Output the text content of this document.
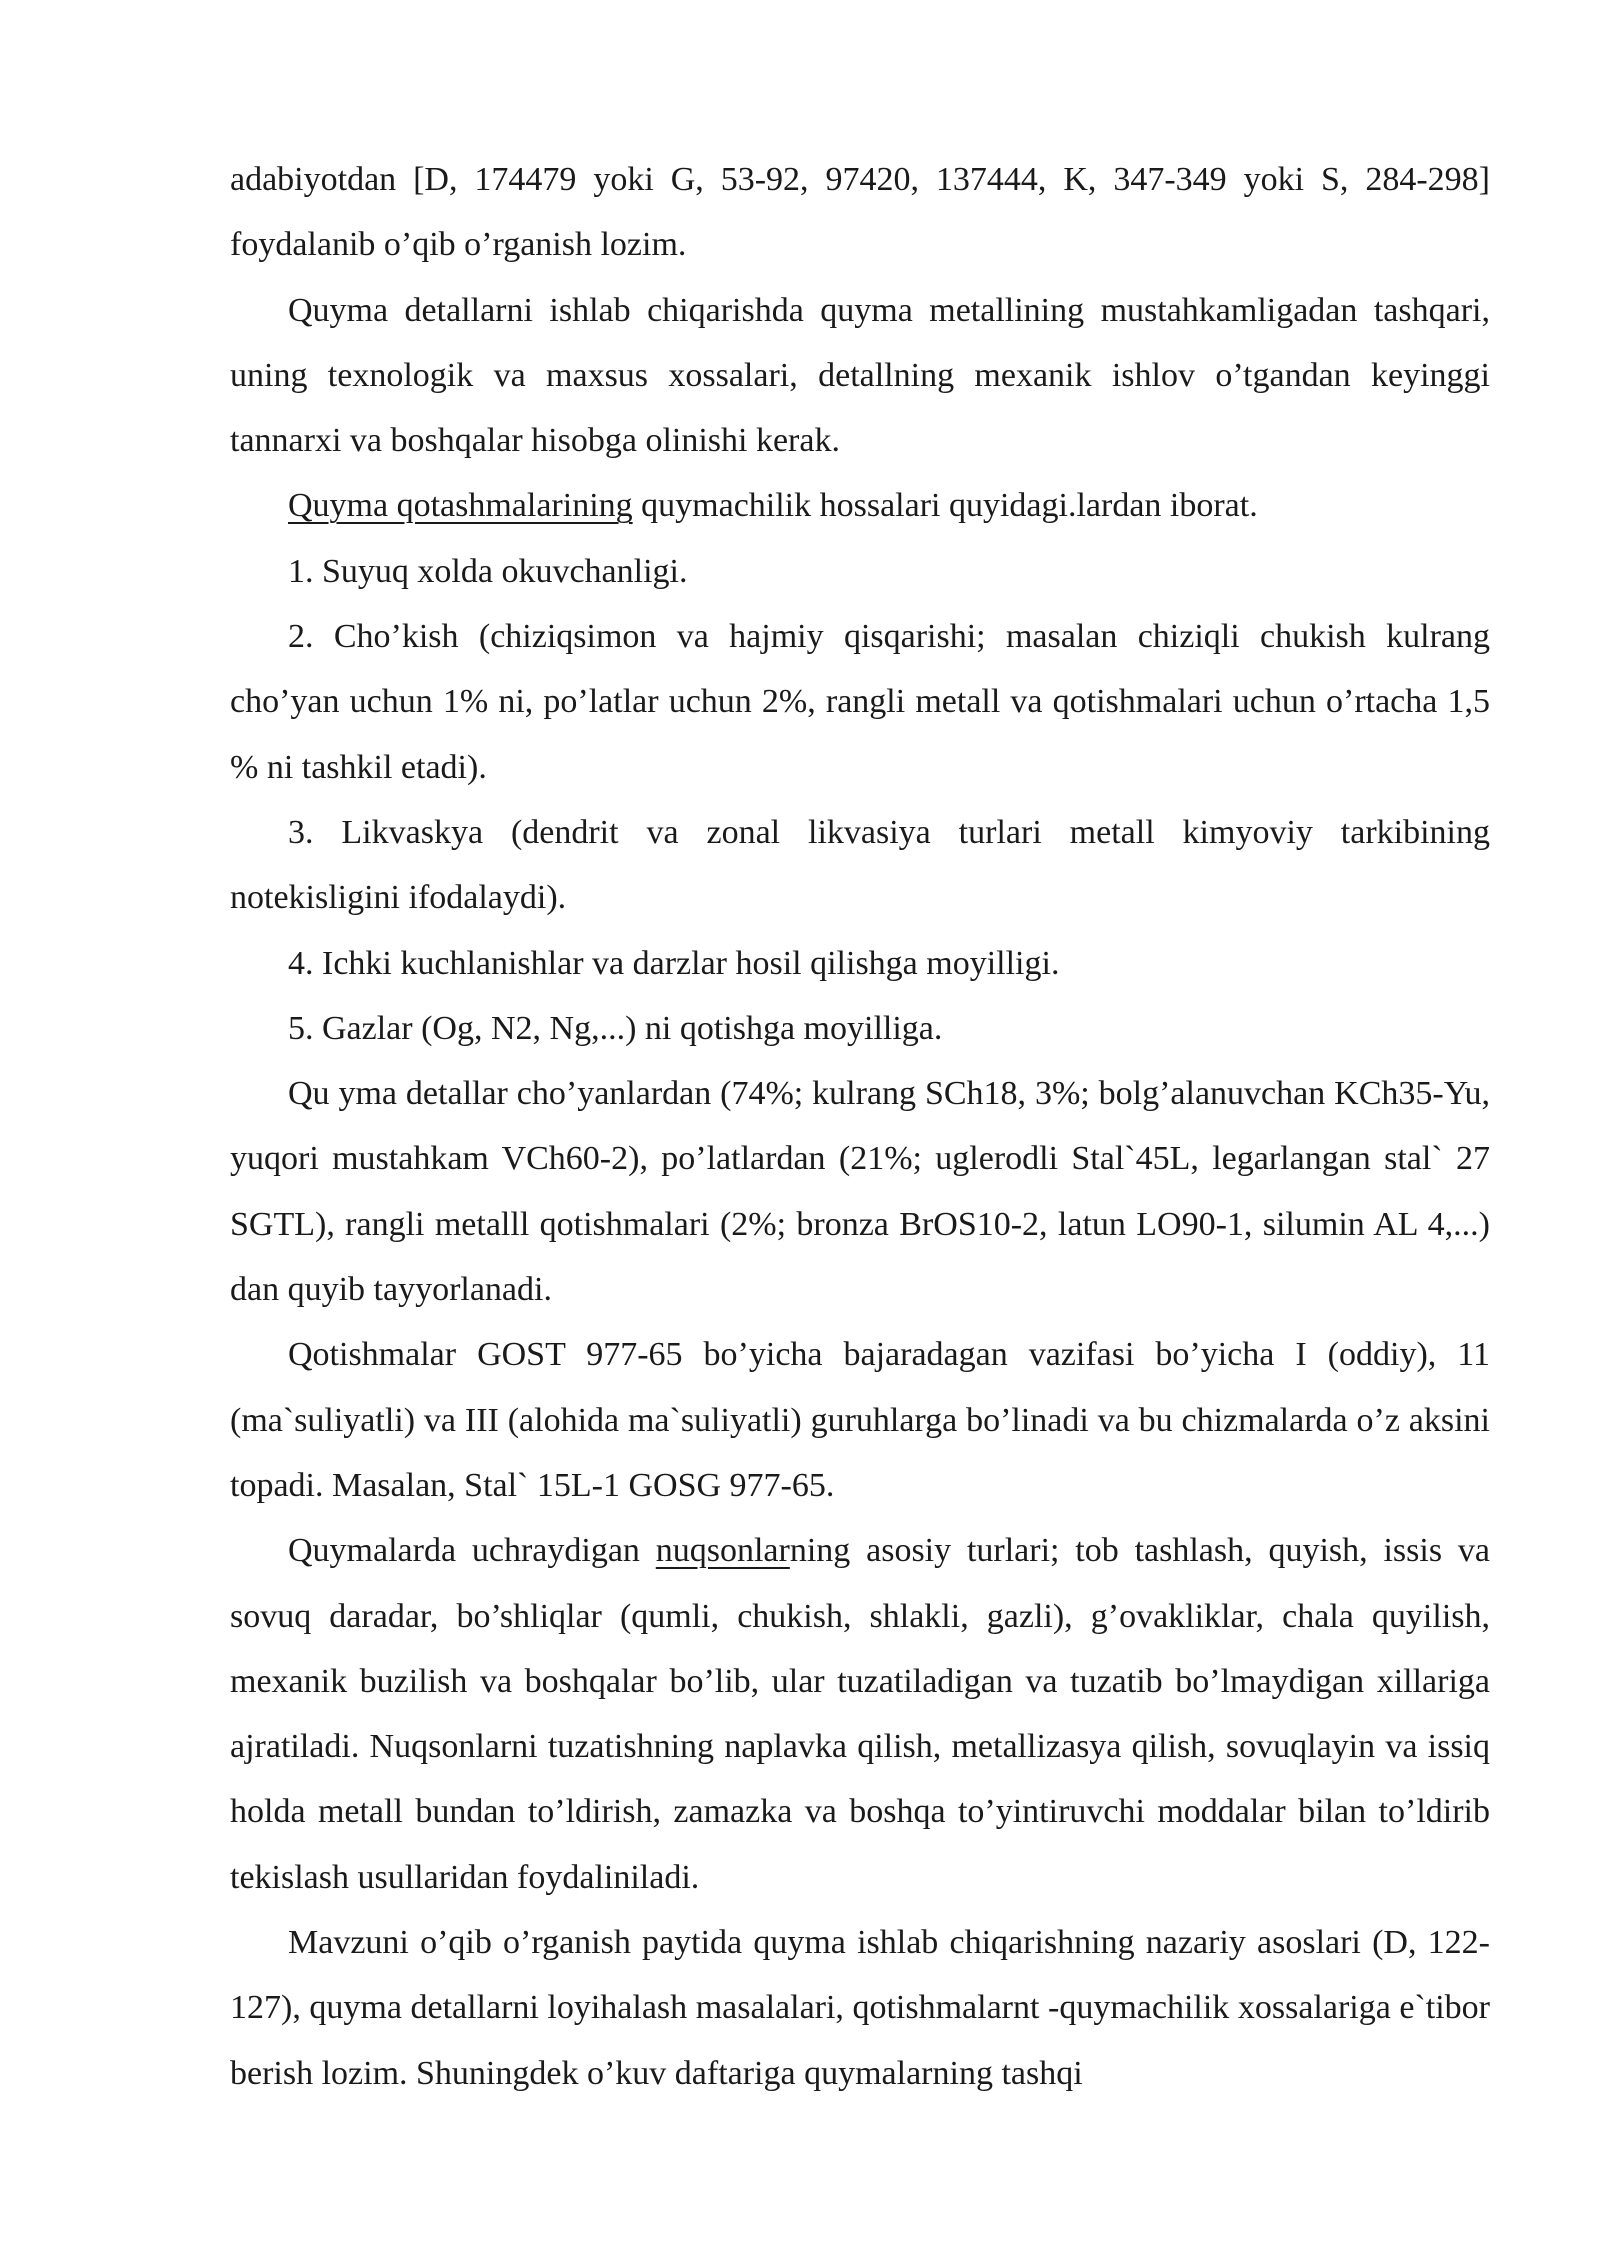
adabiyotdan [D, 174479 yoki G, 53-92, 97420, 137444, K, 347-349 yoki S, 284-298] foydalanib o’qib o’rganish lozim.

Quyma detallarni ishlab chiqarishda quyma metallining mustahkamligadan tashqari, uning texnologik va maxsus xossalari, detallning mexanik ishlov o’tgandan keyinggi tannarxi va boshqalar hisobga olinishi kerak.

Quyma qotashmalarining quymachilik hossalari quyidagi.lardan iborat.

1. Suyuq xolda okuvchanligi.

2. Cho’kish (chiziqsimon va hajmiy qisqarishi; masalan chiziqli chukish kulrang cho’yan uchun 1% ni, po’latlar uchun 2%, rangli metall va qotishmalari uchun o’rtacha 1,5 % ni tashkil etadi).

3. Likvaskya (dendrit va zonal likvasiya turlari metall kimyoviy tarkibining notekisligini ifodalaydi).

4. Ichki kuchlanishlar va darzlar hosil qilishga moyilligi.

5. Gazlar (Og, N2, Ng,...) ni qotishga moyilliga.

Qu yma detallar cho’yanlardan (74%; kulrang SCh18, 3%; bolg’alanuvchan KCh35-Yu, yuqori mustahkam VCh60-2), po’latlardan (21%; uglerodli Stal`45L, legarlangan stal` 27 SGTL), rangli metalll qotishmalari (2%; bronza BrOS10-2, latun LO90-1, silumin AL 4,...) dan quyib tayyorlanadi.

Qotishmalar GOST 977-65 bo’yicha bajaradagan vazifasi bo’yicha I (oddiy), 11 (ma`suliyatli) va III (alohida ma`suliyatli) guruhlarga bo’linadi va bu chizmalarda o’z aksini topadi. Masalan, Stal` 15L-1 GOSG 977-65.

Quymalarda uchraydigan nuqsonlarning asosiy turlari; tob tashlash, quyish, issis va sovuq daradar, bo’shliqlar (qumli, chukish, shlakli, gazli), g’ovakliklar, chala quyilish, mexanik buzilish va boshqalar bo’lib, ular tuzatiladigan va tuzatib bo’lmaydigan xillariga ajratiladi. Nuqsonlarni tuzatishning naplavka qilish, metallizasya qilish, sovuqlayin va issiq holda metall bundan to’ldirish, zamazka va boshqa to’yintiruvchi moddalar bilan to’ldirib tekislash usullaridan foydaliniladi.

Mavzuni o’qib o’rganish paytida quyma ishlab chiqarishning nazariy asoslari (D, 122-127), quyma detallarni loyihalash masalalari, qotishmalarnt -quymachilik xossalariga e`tibor berish lozim. Shuningdek o’kuv daftariga quymalarning tashqi
